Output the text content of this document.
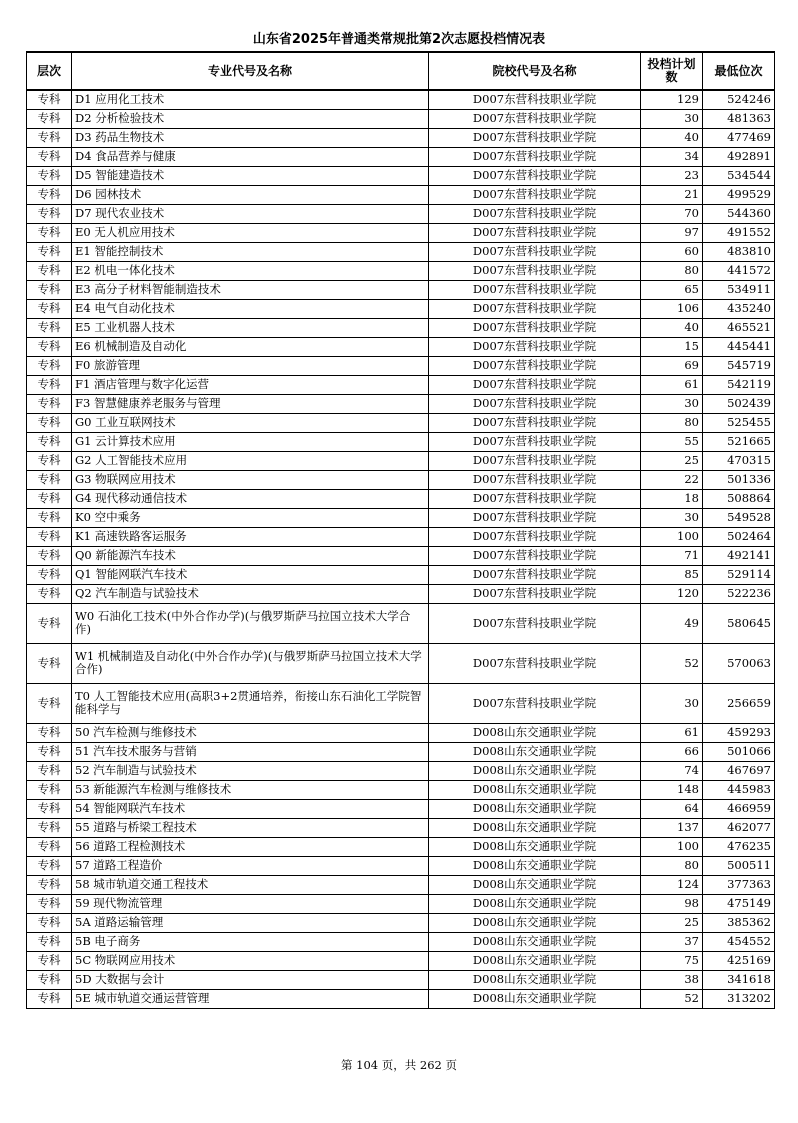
山东省2025年普通类常规批第2次志愿投档情况表
层次	专业代号及名称	院校代号及名称	投档计划数	最低位次
专科	D1 应用化工技术	D007东营科技职业学院	129	524246
专科	D2 分析检验技术	D007东营科技职业学院	30	481363
专科	D3 药品生物技术	D007东营科技职业学院	40	477469
专科	D4 食品营养与健康	D007东营科技职业学院	34	492891
专科	D5 智能建造技术	D007东营科技职业学院	23	534544
专科	D6 园林技术	D007东营科技职业学院	21	499529
专科	D7 现代农业技术	D007东营科技职业学院	70	544360
专科	E0 无人机应用技术	D007东营科技职业学院	97	491552
专科	E1 智能控制技术	D007东营科技职业学院	60	483810
专科	E2 机电一体化技术	D007东营科技职业学院	80	441572
专科	E3 高分子材料智能制造技术	D007东营科技职业学院	65	534911
专科	E4 电气自动化技术	D007东营科技职业学院	106	435240
专科	E5 工业机器人技术	D007东营科技职业学院	40	465521
专科	E6 机械制造及自动化	D007东营科技职业学院	15	445441
专科	F0 旅游管理	D007东营科技职业学院	69	545719
专科	F1 酒店管理与数字化运营	D007东营科技职业学院	61	542119
专科	F3 智慧健康养老服务与管理	D007东营科技职业学院	30	502439
专科	G0 工业互联网技术	D007东营科技职业学院	80	525455
专科	G1 云计算技术应用	D007东营科技职业学院	55	521665
专科	G2 人工智能技术应用	D007东营科技职业学院	25	470315
专科	G3 物联网应用技术	D007东营科技职业学院	22	501336
专科	G4 现代移动通信技术	D007东营科技职业学院	18	508864
专科	K0 空中乘务	D007东营科技职业学院	30	549528
专科	K1 高速铁路客运服务	D007东营科技职业学院	100	502464
专科	Q0 新能源汽车技术	D007东营科技职业学院	71	492141
专科	Q1 智能网联汽车技术	D007东营科技职业学院	85	529114
专科	Q2 汽车制造与试验技术	D007东营科技职业学院	120	522236
专科	W0 石油化工技术(中外合作办学)(与俄罗斯萨马拉国立技术大学合作)	D007东营科技职业学院	49	580645
专科	W1 机械制造及自动化(中外合作办学)(与俄罗斯萨马拉国立技术大学合作)	D007东营科技职业学院	52	570063
专科	T0 人工智能技术应用(高职3+2贯通培养，衔接山东石油化工学院智能科学与	D007东营科技职业学院	30	256659
专科	50 汽车检测与维修技术	D008山东交通职业学院	61	459293
专科	51 汽车技术服务与营销	D008山东交通职业学院	66	501066
专科	52 汽车制造与试验技术	D008山东交通职业学院	74	467697
专科	53 新能源汽车检测与维修技术	D008山东交通职业学院	148	445983
专科	54 智能网联汽车技术	D008山东交通职业学院	64	466959
专科	55 道路与桥梁工程技术	D008山东交通职业学院	137	462077
专科	56 道路工程检测技术	D008山东交通职业学院	100	476235
专科	57 道路工程造价	D008山东交通职业学院	80	500511
专科	58 城市轨道交通工程技术	D008山东交通职业学院	124	377363
专科	59 现代物流管理	D008山东交通职业学院	98	475149
专科	5A 道路运输管理	D008山东交通职业学院	25	385362
专科	5B 电子商务	D008山东交通职业学院	37	454552
专科	5C 物联网应用技术	D008山东交通职业学院	75	425169
专科	5D 大数据与会计	D008山东交通职业学院	38	341618
专科	5E 城市轨道交通运营管理	D008山东交通职业学院	52	313202
第 104 页，共 262 页
